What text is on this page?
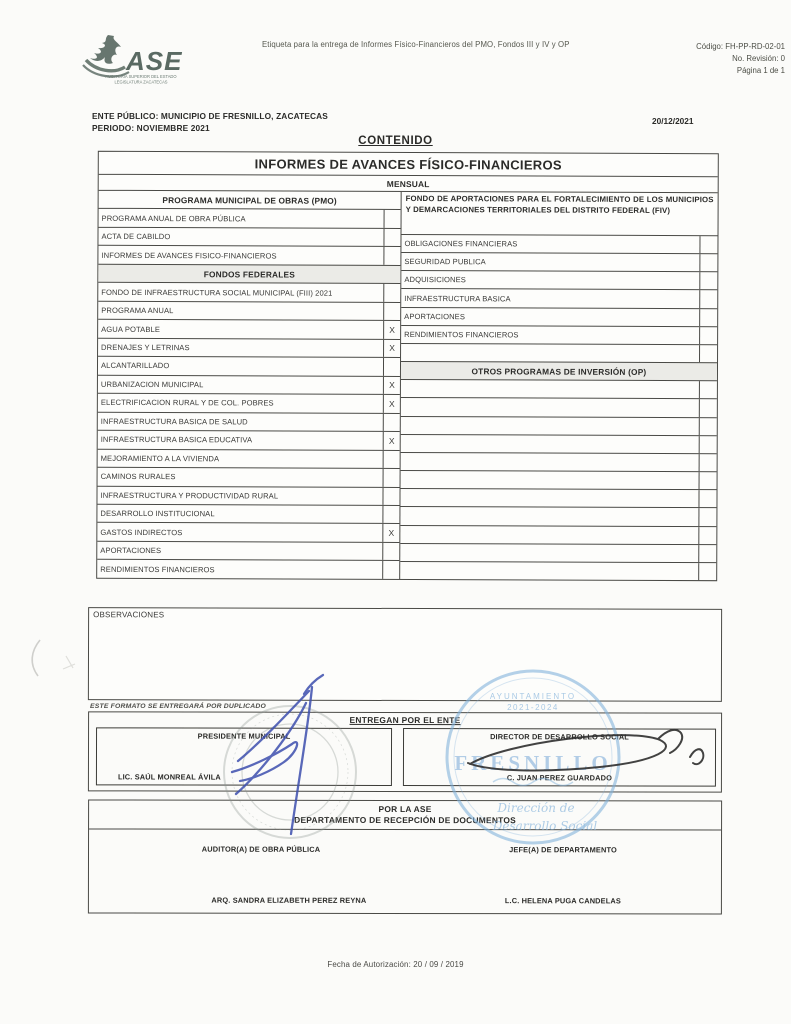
ASE
AUDITORÍA SUPERIOR DEL ESTADO
LEGISLATURA ZACATECAS
Etiqueta para la entrega de Informes Físico-Financieros del PMO, Fondos III y IV y OP	Código: FH-PP-RD-02-01
No. Revisión: 0
Página 1 de 1
ENTE PÚBLICO: MUNICIPIO DE FRESNILLO, ZACATECAS
PERIODO: NOVIEMBRE 2021
20/12/2021
CONTENIDO
INFORMES DE AVANCES FÍSICO-FINANCIEROS
MENSUAL
PROGRAMA MUNICIPAL DE OBRAS (PMO)
PROGRAMA ANUAL DE OBRA PÚBLICA
ACTA DE CABILDO
INFORMES DE AVANCES FISICO-FINANCIEROS
FONDOS FEDERALES
FONDO DE INFRAESTRUCTURA SOCIAL MUNICIPAL (FIII) 2021
PROGRAMA ANUAL
AGUA POTABLE	X
DRENAJES Y LETRINAS	X
ALCANTARILLADO
URBANIZACION MUNICIPAL	X
ELECTRIFICACION RURAL Y DE COL. POBRES	X
INFRAESTRUCTURA BASICA DE SALUD
INFRAESTRUCTURA BASICA EDUCATIVA	X
MEJORAMIENTO A LA VIVIENDA
CAMINOS RURALES
INFRAESTRUCTURA Y PRODUCTIVIDAD RURAL
DESARROLLO INSTITUCIONAL
GASTOS INDIRECTOS	X
APORTACIONES
RENDIMIENTOS FINANCIEROS
FONDO DE APORTACIONES PARA EL FORTALECIMIENTO DE LOS MUNICIPIOS Y DEMARCACIONES TERRITORIALES DEL DISTRITO FEDERAL (FIV)
OBLIGACIONES FINANCIERAS
SEGURIDAD PUBLICA
ADQUISICIONES
INFRAESTRUCTURA BASICA
APORTACIONES
RENDIMIENTOS FINANCIEROS
OTROS PROGRAMAS DE INVERSIÓN (OP)
OBSERVACIONES
ESTE FORMATO SE ENTREGARÁ POR DUPLICADO
ENTREGAN POR EL ENTE
PRESIDENTE MUNICIPAL
LIC. SAÚL MONREAL ÁVILA
DIRECTOR DE DESARROLLO SOCIAL
C. JUAN PEREZ GUARDADO
POR LA ASE
DEPARTAMENTO DE RECEPCIÓN DE DOCUMENTOS
AUDITOR(A) DE OBRA PÚBLICA
ARQ. SANDRA ELIZABETH PEREZ REYNA
JEFE(A) DE DEPARTAMENTO
L.C. HELENA PUGA CANDELAS
Fecha de Autorización: 20 / 09 / 2019
AYUNTAMIENTO
2021-2024
FRESNILLO
Dirección de
Desarrollo Social
